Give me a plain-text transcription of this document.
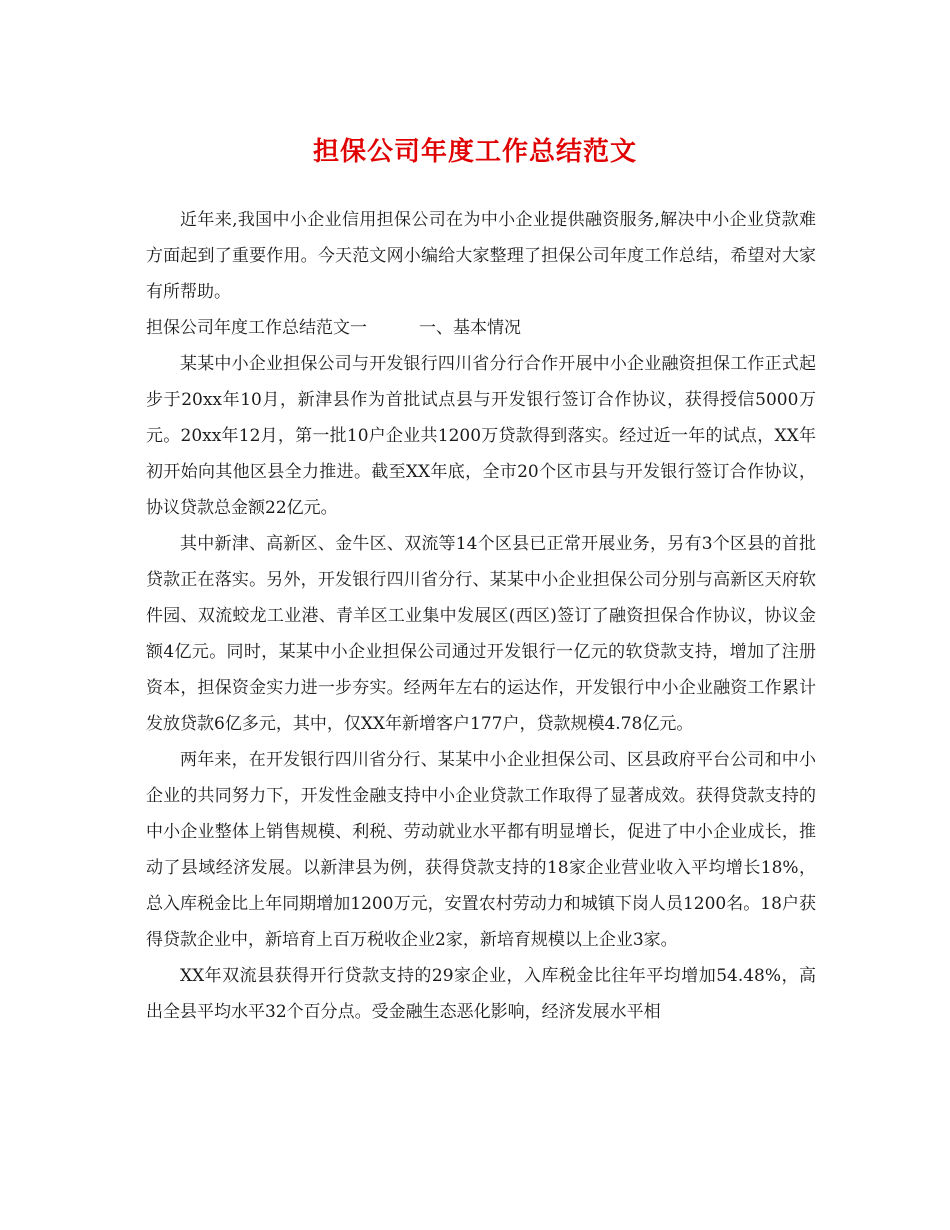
担保公司年度工作总结范文

近年来,我国中小企业信用担保公司在为中小企业提供融资服务,解决中小企业贷款难方面起到了重要作用。今天范文网小编给大家整理了担保公司年度工作总结，希望对大家有所帮助。

担保公司年度工作总结范文一	一、基本情况

某某中小企业担保公司与开发银行四川省分行合作开展中小企业融资担保工作正式起步于20xx年10月，新津县作为首批试点县与开发银行签订合作协议，获得授信5000万元。20xx年12月，第一批10户企业共1200万贷款得到落实。经过近一年的试点，XX年初开始向其他区县全力推进。截至XX年底，全市20个区市县与开发银行签订合作协议，协议贷款总金额22亿元。

其中新津、高新区、金牛区、双流等14个区县已正常开展业务，另有3个区县的首批贷款正在落实。另外，开发银行四川省分行、某某中小企业担保公司分别与高新区天府软件园、双流蛟龙工业港、青羊区工业集中发展区(西区)签订了融资担保合作协议，协议金额4亿元。同时，某某中小企业担保公司通过开发银行一亿元的软贷款支持，增加了注册资本，担保资金实力进一步夯实。经两年左右的运达作，开发银行中小企业融资工作累计发放贷款6亿多元，其中，仅XX年新增客户177户，贷款规模4.78亿元。

两年来，在开发银行四川省分行、某某中小企业担保公司、区县政府平台公司和中小企业的共同努力下，开发性金融支持中小企业贷款工作取得了显著成效。获得贷款支持的中小企业整体上销售规模、利税、劳动就业水平都有明显增长，促进了中小企业成长，推动了县域经济发展。以新津县为例，获得贷款支持的18家企业营业收入平均增长18%，总入库税金比上年同期增加1200万元，安置农村劳动力和城镇下岗人员1200名。18户获得贷款企业中，新培育上百万税收企业2家，新培育规模以上企业3家。

XX年双流县获得开行贷款支持的29家企业，入库税金比往年平均增加54.48%，高出全县平均水平32个百分点。受金融生态恶化影响，经济发展水平相
